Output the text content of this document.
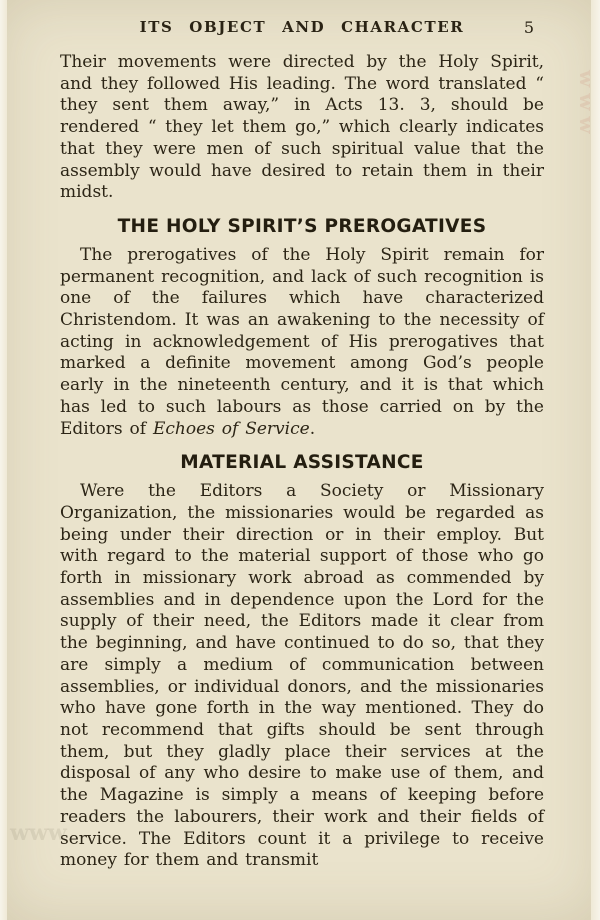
www
www
ITS OBJECT AND CHARACTER	5

Their movements were directed by the Holy Spirit, and they followed His leading. The word translated “ they sent them away,” in Acts 13. 3, should be rendered “ they let them go,” which clearly indicates that they were men of such spiritual value that the assembly would have desired to retain them in their midst.

THE HOLY SPIRIT’S PREROGATIVES

The prerogatives of the Holy Spirit remain for permanent recognition, and lack of such recognition is one of the failures which have characterized Christendom. It was an awakening to the necessity of acting in acknowledgement of His prerogatives that marked a definite movement among God’s people early in the nineteenth century, and it is that which has led to such labours as those carried on by the Editors of Echoes of Service.

MATERIAL ASSISTANCE

Were the Editors a Society or Missionary Organization, the missionaries would be regarded as being under their direction or in their employ. But with regard to the material support of those who go forth in missionary work abroad as commended by assemblies and in dependence upon the Lord for the supply of their need, the Editors made it clear from the beginning, and have continued to do so, that they are simply a medium of communication between assemblies, or individual donors, and the missionaries who have gone forth in the way mentioned. They do not recommend that gifts should be sent through them, but they gladly place their services at the disposal of any who desire to make use of them, and the Magazine is simply a means of keeping before readers the labourers, their work and their fields of service. The Editors count it a privilege to receive money for them and transmit
